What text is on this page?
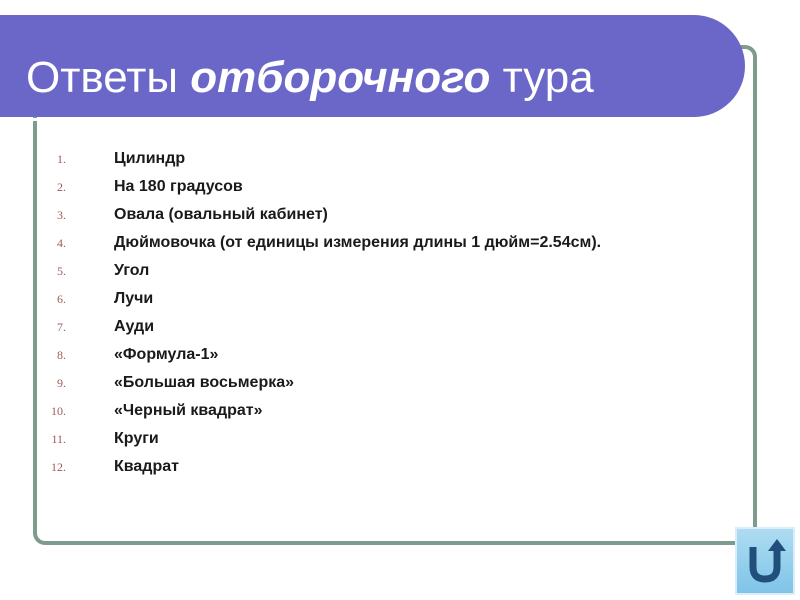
Ответы отборочного тура
1.	Цилиндр
2.	На 180 градусов
3.	Овала (овальный кабинет)
4.	Дюймовочка (от единицы измерения длины 1 дюйм=2.54см).
5.	Угол
6.	Лучи
7.	Ауди
8.	«Формула-1»
9.	«Большая восьмерка»
10.	«Черный квадрат»
11.	Круги
12.	Квадрат
